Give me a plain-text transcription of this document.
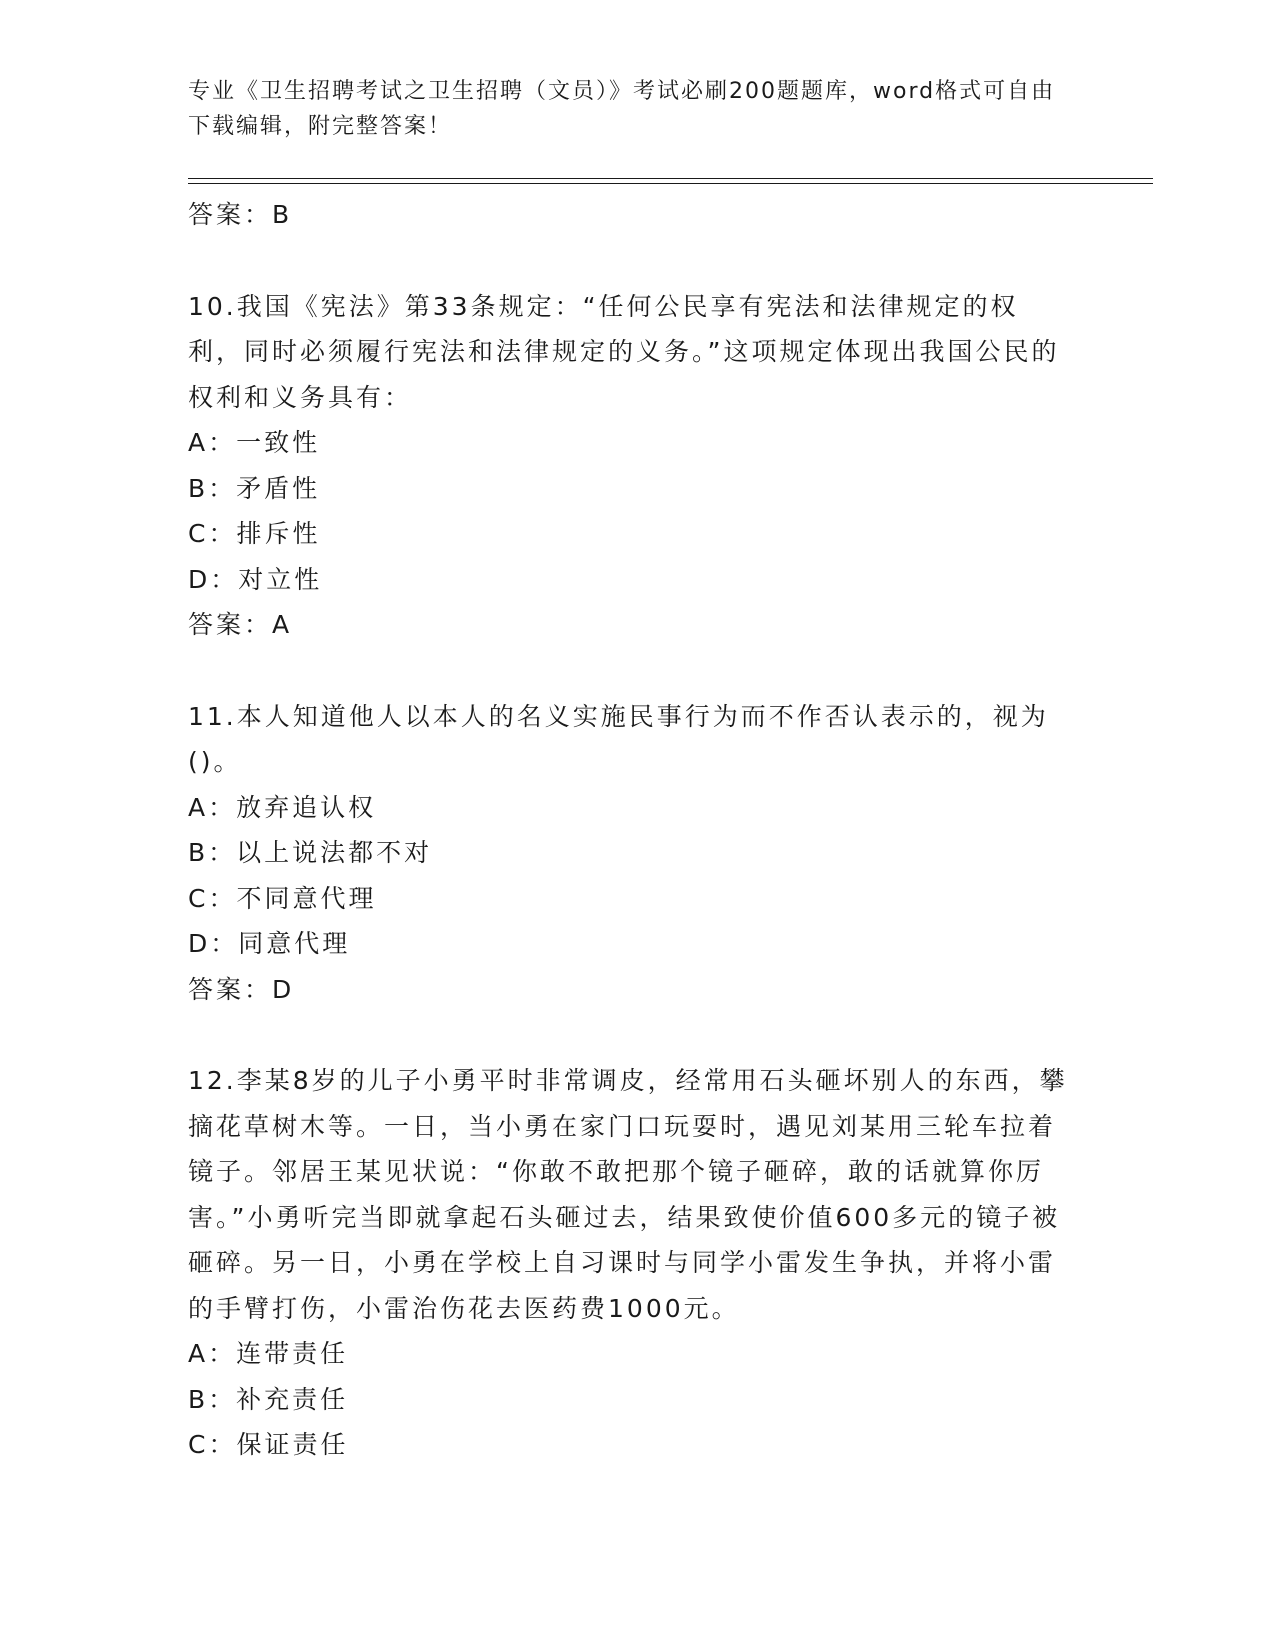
专业《卫生招聘考试之卫生招聘（文员）》考试必刷200题题库，word格式可自由下载编辑，附完整答案！

答案：B

10.我国《宪法》第33条规定：“任何公民享有宪法和法律规定的权利，同时必须履行宪法和法律规定的义务。”这项规定体现出我国公民的权利和义务具有：

A：一致性

B：矛盾性

C：排斥性

D：对立性

答案：A

11.本人知道他人以本人的名义实施民事行为而不作否认表示的，视为()。

A：放弃追认权

B：以上说法都不对

C：不同意代理

D：同意代理

答案：D

12.李某8岁的儿子小勇平时非常调皮，经常用石头砸坏别人的东西，攀摘花草树木等。一日，当小勇在家门口玩耍时，遇见刘某用三轮车拉着镜子。邻居王某见状说：“你敢不敢把那个镜子砸碎，敢的话就算你厉害。”小勇听完当即就拿起石头砸过去，结果致使价值600多元的镜子被砸碎。另一日，小勇在学校上自习课时与同学小雷发生争执，并将小雷的手臂打伤，小雷治伤花去医药费1000元。

A：连带责任

B：补充责任

C：保证责任
